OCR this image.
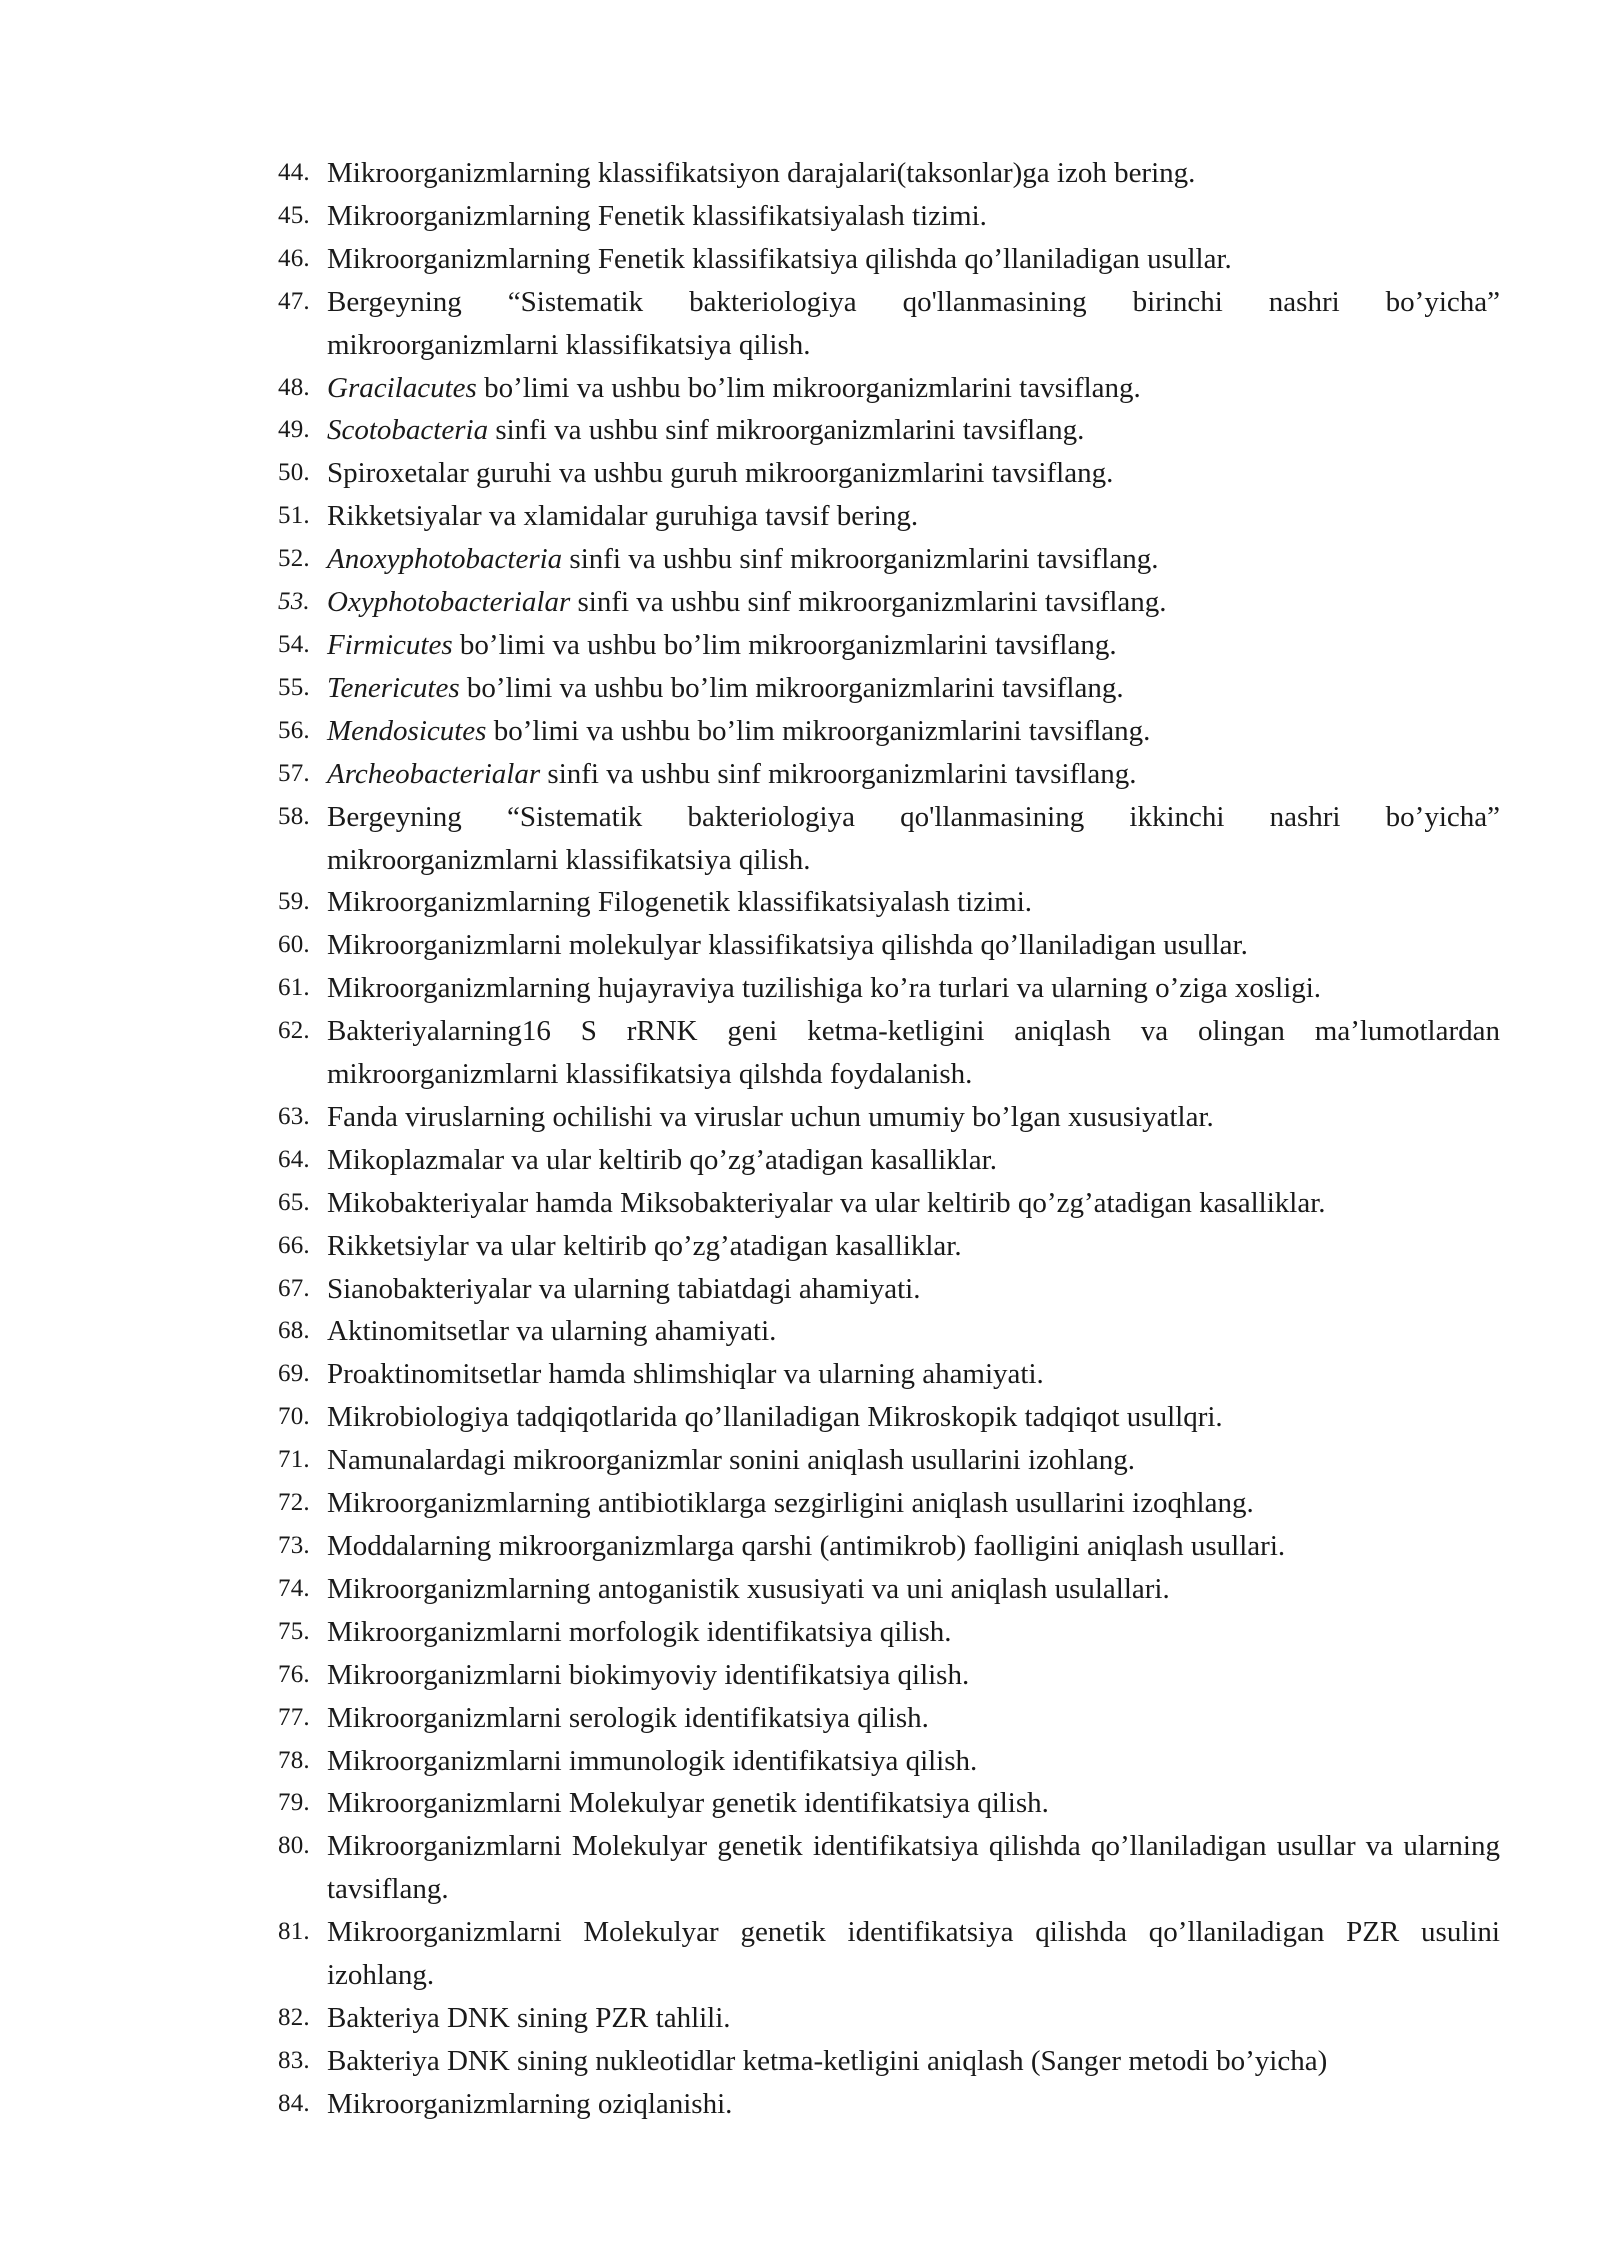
44. Mikroorganizmlarning klassifikatsiyon darajalari(taksonlar)ga izoh bering.
45. Mikroorganizmlarning Fenetik klassifikatsiyalash tizimi.
46. Mikroorganizmlarning Fenetik klassifikatsiya qilishda qo’llaniladigan usullar.
47. Bergeyning “Sistematik bakteriologiya qo'llanmasining birinchi nashri bo’yicha” mikroorganizmlarni klassifikatsiya qilish.
48. Gracilacutes bo’limi va ushbu bo’lim mikroorganizmlarini tavsiflang.
49. Scotobacteria sinfi va ushbu sinf mikroorganizmlarini tavsiflang.
50. Spiroxetalar guruhi va ushbu guruh mikroorganizmlarini tavsiflang.
51. Rikketsiyalar va xlamidalar guruhiga tavsif bering.
52. Anoxyphotobacteria sinfi va ushbu sinf mikroorganizmlarini tavsiflang.
53. Oxyphotobacterialar sinfi va ushbu sinf mikroorganizmlarini tavsiflang.
54. Firmicutes bo’limi va ushbu bo’lim mikroorganizmlarini tavsiflang.
55. Tenericutes bo’limi va ushbu bo’lim mikroorganizmlarini tavsiflang.
56. Mendosicutes bo’limi va ushbu bo’lim mikroorganizmlarini tavsiflang.
57. Archeobacterialar sinfi va ushbu sinf mikroorganizmlarini tavsiflang.
58. Bergeyning “Sistematik bakteriologiya qo'llanmasining ikkinchi nashri bo’yicha” mikroorganizmlarni klassifikatsiya qilish.
59. Mikroorganizmlarning Filogenetik klassifikatsiyalash tizimi.
60. Mikroorganizmlarni molekulyar klassifikatsiya qilishda qo’llaniladigan usullar.
61. Mikroorganizmlarning hujayraviya tuzilishiga ko’ra turlari va ularning o’ziga xosligi.
62. Bakteriyalarning16 S rRNK geni ketma-ketligini aniqlash va olingan ma’lumotlardan mikroorganizmlarni klassifikatsiya qilshda foydalanish.
63. Fanda viruslarning ochilishi va viruslar uchun umumiy bo’lgan xususiyatlar.
64. Mikoplazmalar va ular keltirib qo’zg’atadigan kasalliklar.
65. Mikobakteriyalar hamda Miksobakteriyalar va ular keltirib qo’zg’atadigan kasalliklar.
66. Rikketsiylar va ular keltirib qo’zg’atadigan kasalliklar.
67. Sianobakteriyalar va ularning tabiatdagi ahamiyati.
68. Aktinomitsetlar va ularning ahamiyati.
69. Proaktinomitsetlar hamda shlimshiqlar va ularning ahamiyati.
70. Mikrobiologiya tadqiqotlarida qo’llaniladigan Mikroskopik tadqiqot usullqri.
71. Namunalardagi mikroorganizmlar sonini aniqlash usullarini izohlang.
72. Mikroorganizmlarning antibiotiklarga sezgirligini aniqlash usullarini izoqhlang.
73. Moddalarning mikroorganizmlarga qarshi (antimikrob) faolligini aniqlash usullari.
74. Mikroorganizmlarning antoganistik xususiyati va uni aniqlash usulallari.
75. Mikroorganizmlarni morfologik identifikatsiya qilish.
76. Mikroorganizmlarni biokimyoviy identifikatsiya qilish.
77. Mikroorganizmlarni serologik identifikatsiya qilish.
78. Mikroorganizmlarni immunologik identifikatsiya qilish.
79. Mikroorganizmlarni Molekulyar genetik identifikatsiya qilish.
80. Mikroorganizmlarni Molekulyar genetik identifikatsiya qilishda qo’llaniladigan usullar va ularning tavsiflang.
81. Mikroorganizmlarni Molekulyar genetik identifikatsiya qilishda qo’llaniladigan PZR usulini izohlang.
82. Bakteriya DNK sining PZR tahlili.
83. Bakteriya DNK sining nukleotidlar ketma-ketligini aniqlash (Sanger metodi bo’yicha)
84. Mikroorganizmlarning oziqlanishi.
